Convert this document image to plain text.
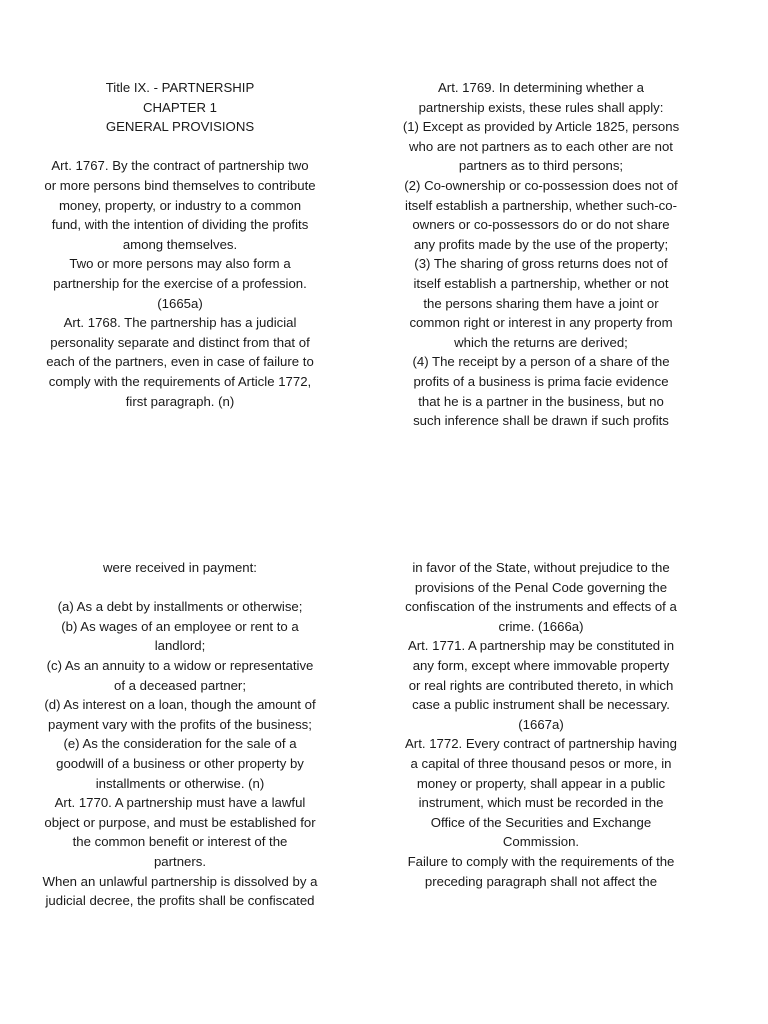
Title IX. - PARTNERSHIP
CHAPTER 1
GENERAL PROVISIONS
Art. 1767. By the contract of partnership two
or more persons bind themselves to contribute
money, property, or industry to a common
fund, with the intention of dividing the profits
among themselves.
Two or more persons may also form a
partnership for the exercise of a profession.
(1665a)
Art. 1768. The partnership has a judicial
personality separate and distinct from that of
each of the partners, even in case of failure to
comply with the requirements of Article 1772,
first paragraph. (n)
Art. 1769. In determining whether a
partnership exists, these rules shall apply:
(1) Except as provided by Article 1825, persons
who are not partners as to each other are not
partners as to third persons;
(2) Co-ownership or co-possession does not of
itself establish a partnership, whether such-co-
owners or co-possessors do or do not share
any profits made by the use of the property;
(3) The sharing of gross returns does not of
itself establish a partnership, whether or not
the persons sharing them have a joint or
common right or interest in any property from
which the returns are derived;
(4) The receipt by a person of a share of the
profits of a business is prima facie evidence
that he is a partner in the business, but no
such inference shall be drawn if such profits
were received in payment:
(a) As a debt by installments or otherwise;
(b) As wages of an employee or rent to a
landlord;
(c) As an annuity to a widow or representative
of a deceased partner;
(d) As interest on a loan, though the amount of
payment vary with the profits of the business;
(e) As the consideration for the sale of a
goodwill of a business or other property by
installments or otherwise. (n)
Art. 1770. A partnership must have a lawful
object or purpose, and must be established for
the common benefit or interest of the
partners.
When an unlawful partnership is dissolved by a
judicial decree, the profits shall be confiscated
in favor of the State, without prejudice to the
provisions of the Penal Code governing the
confiscation of the instruments and effects of a
crime. (1666a)
Art. 1771. A partnership may be constituted in
any form, except where immovable property
or real rights are contributed thereto, in which
case a public instrument shall be necessary.
(1667a)
Art. 1772. Every contract of partnership having
a capital of three thousand pesos or more, in
money or property, shall appear in a public
instrument, which must be recorded in the
Office of the Securities and Exchange
Commission.
Failure to comply with the requirements of the
preceding paragraph shall not affect the
